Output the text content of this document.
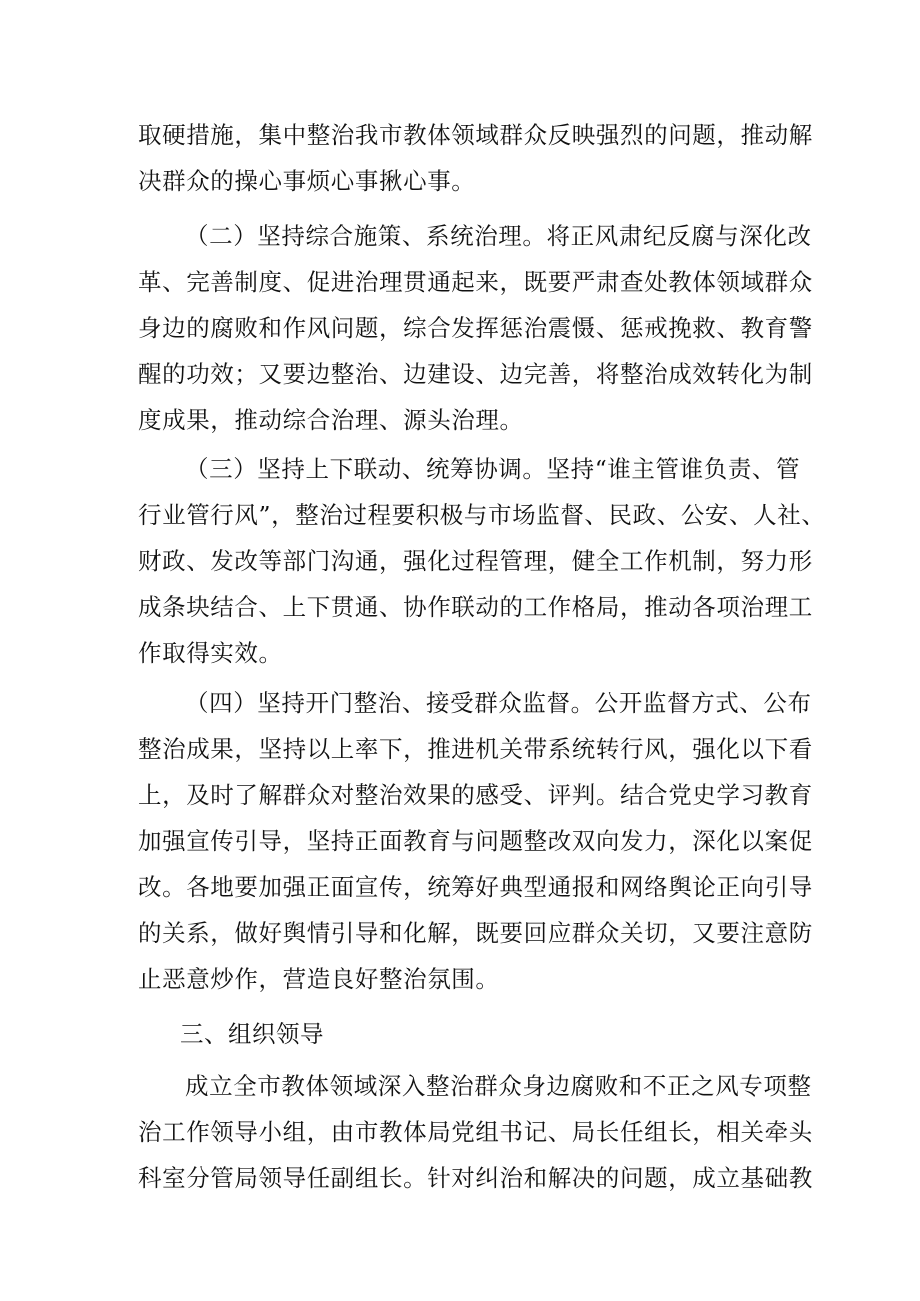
取硬措施，集中整治我市教体领域群众反映强烈的问题，推动解
决群众的操心事烦心事揪心事。
（二）坚持综合施策、系统治理。将正风肃纪反腐与深化改
革、完善制度、促进治理贯通起来，既要严肃查处教体领域群众
身边的腐败和作风问题，综合发挥惩治震慑、惩戒挽救、教育警
醒的功效；又要边整治、边建设、边完善，将整治成效转化为制
度成果，推动综合治理、源头治理。
（三）坚持上下联动、统筹协调。坚持“谁主管谁负责、管
行业管行风”，整治过程要积极与市场监督、民政、公安、人社、
财政、发改等部门沟通，强化过程管理，健全工作机制，努力形
成条块结合、上下贯通、协作联动的工作格局，推动各项治理工
作取得实效。
（四）坚持开门整治、接受群众监督。公开监督方式、公布
整治成果，坚持以上率下，推进机关带系统转行风，强化以下看
上，及时了解群众对整治效果的感受、评判。结合党史学习教育
加强宣传引导，坚持正面教育与问题整改双向发力，深化以案促
改。各地要加强正面宣传，统筹好典型通报和网络舆论正向引导
的关系，做好舆情引导和化解，既要回应群众关切，又要注意防
止恶意炒作，营造良好整治氛围。
三、组织领导
成立全市教体领域深入整治群众身边腐败和不正之风专项整
治工作领导小组，由市教体局党组书记、局长任组长，相关牵头
科室分管局领导任副组长。针对纠治和解决的问题，成立基础教
